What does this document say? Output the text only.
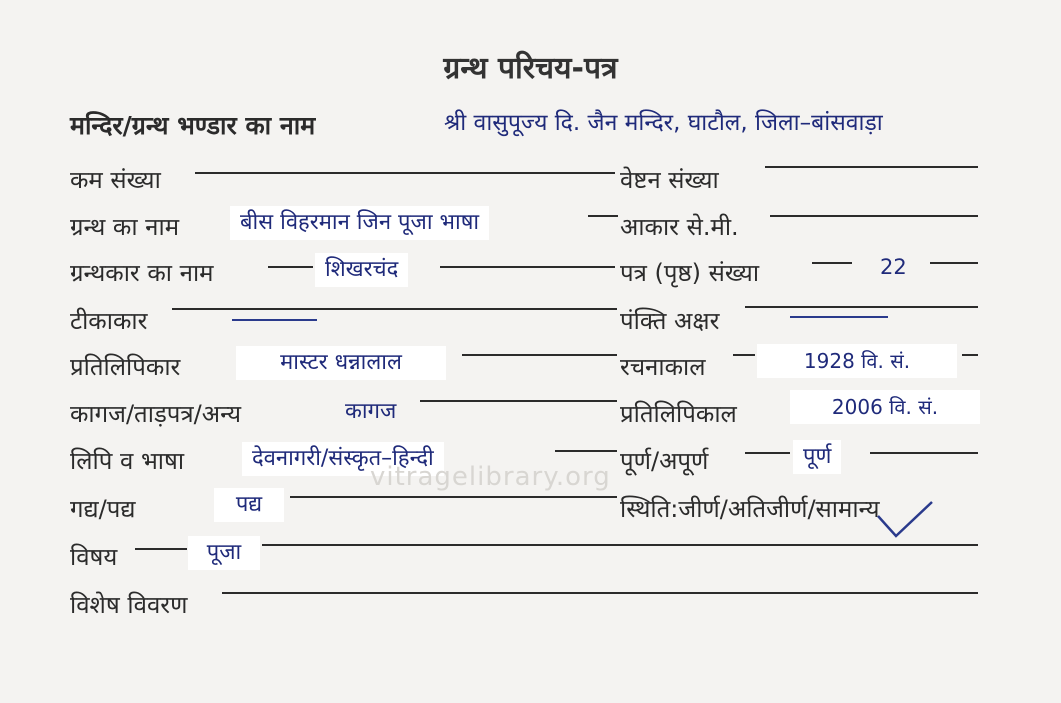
ग्रन्थ परिचय-पत्र
मन्दिर/ग्रन्थ भण्डार का नाम	श्री वासुपूज्य दि. जैन मन्दिर, घाटौल, जिला–बांसवाड़ा
कम संख्या	वेष्टन संख्या
ग्रन्थ का नाम	बीस विहरमान जिन पूजा भाषा	आकार से.मी.
ग्रन्थकार का नाम	शिखरचंद	पत्र (पृष्ठ) संख्या	22
टीकाकार	पंक्ति अक्षर
प्रतिलिपिकार	मास्टर धन्नालाल	रचनाकाल	1928 वि. सं.
कागज/ताड़पत्र/अन्य	कागज	प्रतिलिपिकाल	2006 वि. सं.
लिपि व भाषा	देवनागरी/संस्कृत–हिन्दी	पूर्ण/अपूर्ण	पूर्ण
vitragelibrary.org
गद्य/पद्य	पद्य	स्थिति:जीर्ण/अतिजीर्ण/सामान्य
विषय	पूजा
विशेष विवरण
